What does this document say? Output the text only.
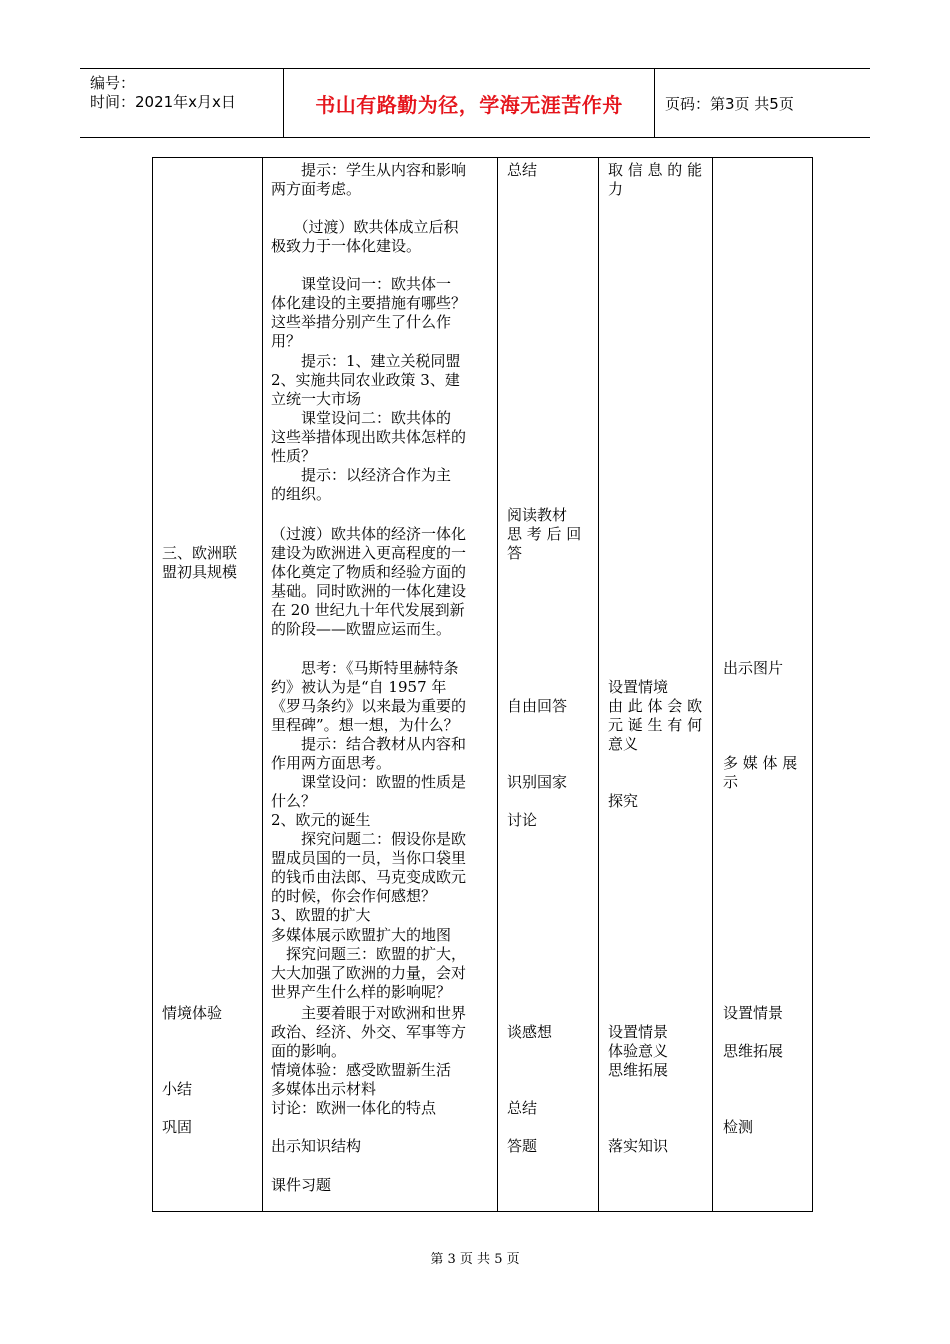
编号：
时间：2021年x月x日	书山有路勤为径，学海无涯苦作舟	页码：第3页 共5页
三、欧洲联
盟初具规模
情境体验
小结
巩固
　　提示：学生从内容和影响
两方面考虑。
　　（过渡）欧共体成立后积
极致力于一体化建设。
　　课堂设问一：欧共体一
体化建设的主要措施有哪些？
这些举措分别产生了什么作
用？
　　提示：1、建立关税同盟
2、实施共同农业政策 3、建
立统一大市场
　　课堂设问二：欧共体的
这些举措体现出欧共体怎样的
性质？
　　提示：以经济合作为主
的组织。
（过渡）欧共体的经济一体化
建设为欧洲进入更高程度的一
体化奠定了物质和经验方面的
基础。同时欧洲的一体化建设
在 20 世纪九十年代发展到新
的阶段——欧盟应运而生。
　　思考：《马斯特里赫特条
约》被认为是“自 1957 年
《罗马条约》以来最为重要的
里程碑”。想一想，为什么？
　　提示：结合教材从内容和
作用两方面思考。
　　课堂设问：欧盟的性质是
什么？
2、欧元的诞生
　　探究问题二：假设你是欧
盟成员国的一员，当你口袋里
的钱币由法郎、马克变成欧元
的时候，你会作何感想？
3、欧盟的扩大
多媒体展示欧盟扩大的地图
　探究问题三：欧盟的扩大，
大大加强了欧洲的力量，会对
世界产生什么样的影响呢？
　　主要着眼于对欧洲和世界
政治、经济、外交、军事等方
面的影响。
情境体验：感受欧盟新生活
多媒体出示材料
讨论：欧洲一体化的特点
出示知识结构
课件习题
总结
阅读教材
思 考 后 回
答
自由回答
识别国家
讨论
谈感想
总结
答题
取 信 息 的 能
力
设置情境
由 此 体 会 欧
元 诞 生 有 何
意义
探究
设置情景
体验意义
思维拓展
落实知识
出示图片
多 媒 体 展
示
设置情景
思维拓展
检测
第 3 页 共 5 页
